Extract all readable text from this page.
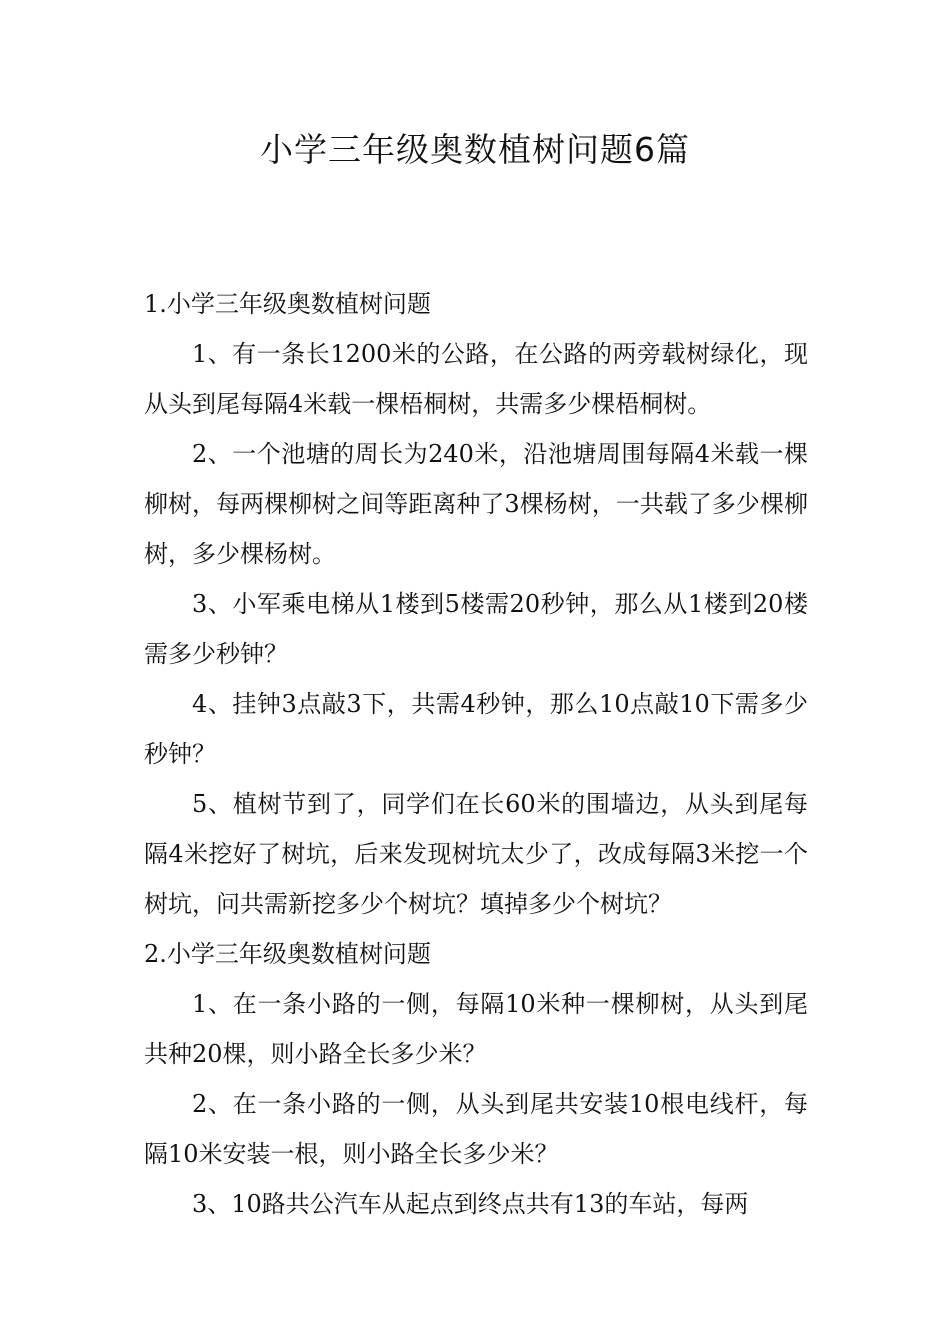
小学三年级奥数植树问题6篇
1.小学三年级奥数植树问题

1、有一条长1200米的公路，在公路的两旁载树绿化，现从头到尾每隔4米载一棵梧桐树，共需多少棵梧桐树。

2、一个池塘的周长为240米，沿池塘周围每隔4米载一棵柳树，每两棵柳树之间等距离种了3棵杨树，一共载了多少棵柳树，多少棵杨树。

3、小军乘电梯从1楼到5楼需20秒钟，那么从1楼到20楼需多少秒钟？

4、挂钟3点敲3下，共需4秒钟，那么10点敲10下需多少秒钟？

5、植树节到了，同学们在长60米的围墙边，从头到尾每隔4米挖好了树坑，后来发现树坑太少了，改成每隔3米挖一个树坑，问共需新挖多少个树坑？填掉多少个树坑？

2.小学三年级奥数植树问题

1、在一条小路的一侧，每隔10米种一棵柳树，从头到尾共种20棵，则小路全长多少米？

2、在一条小路的一侧，从头到尾共安装10根电线杆，每隔10米安装一根，则小路全长多少米？

3、10路共公汽车从起点到终点共有13的车站，每两
